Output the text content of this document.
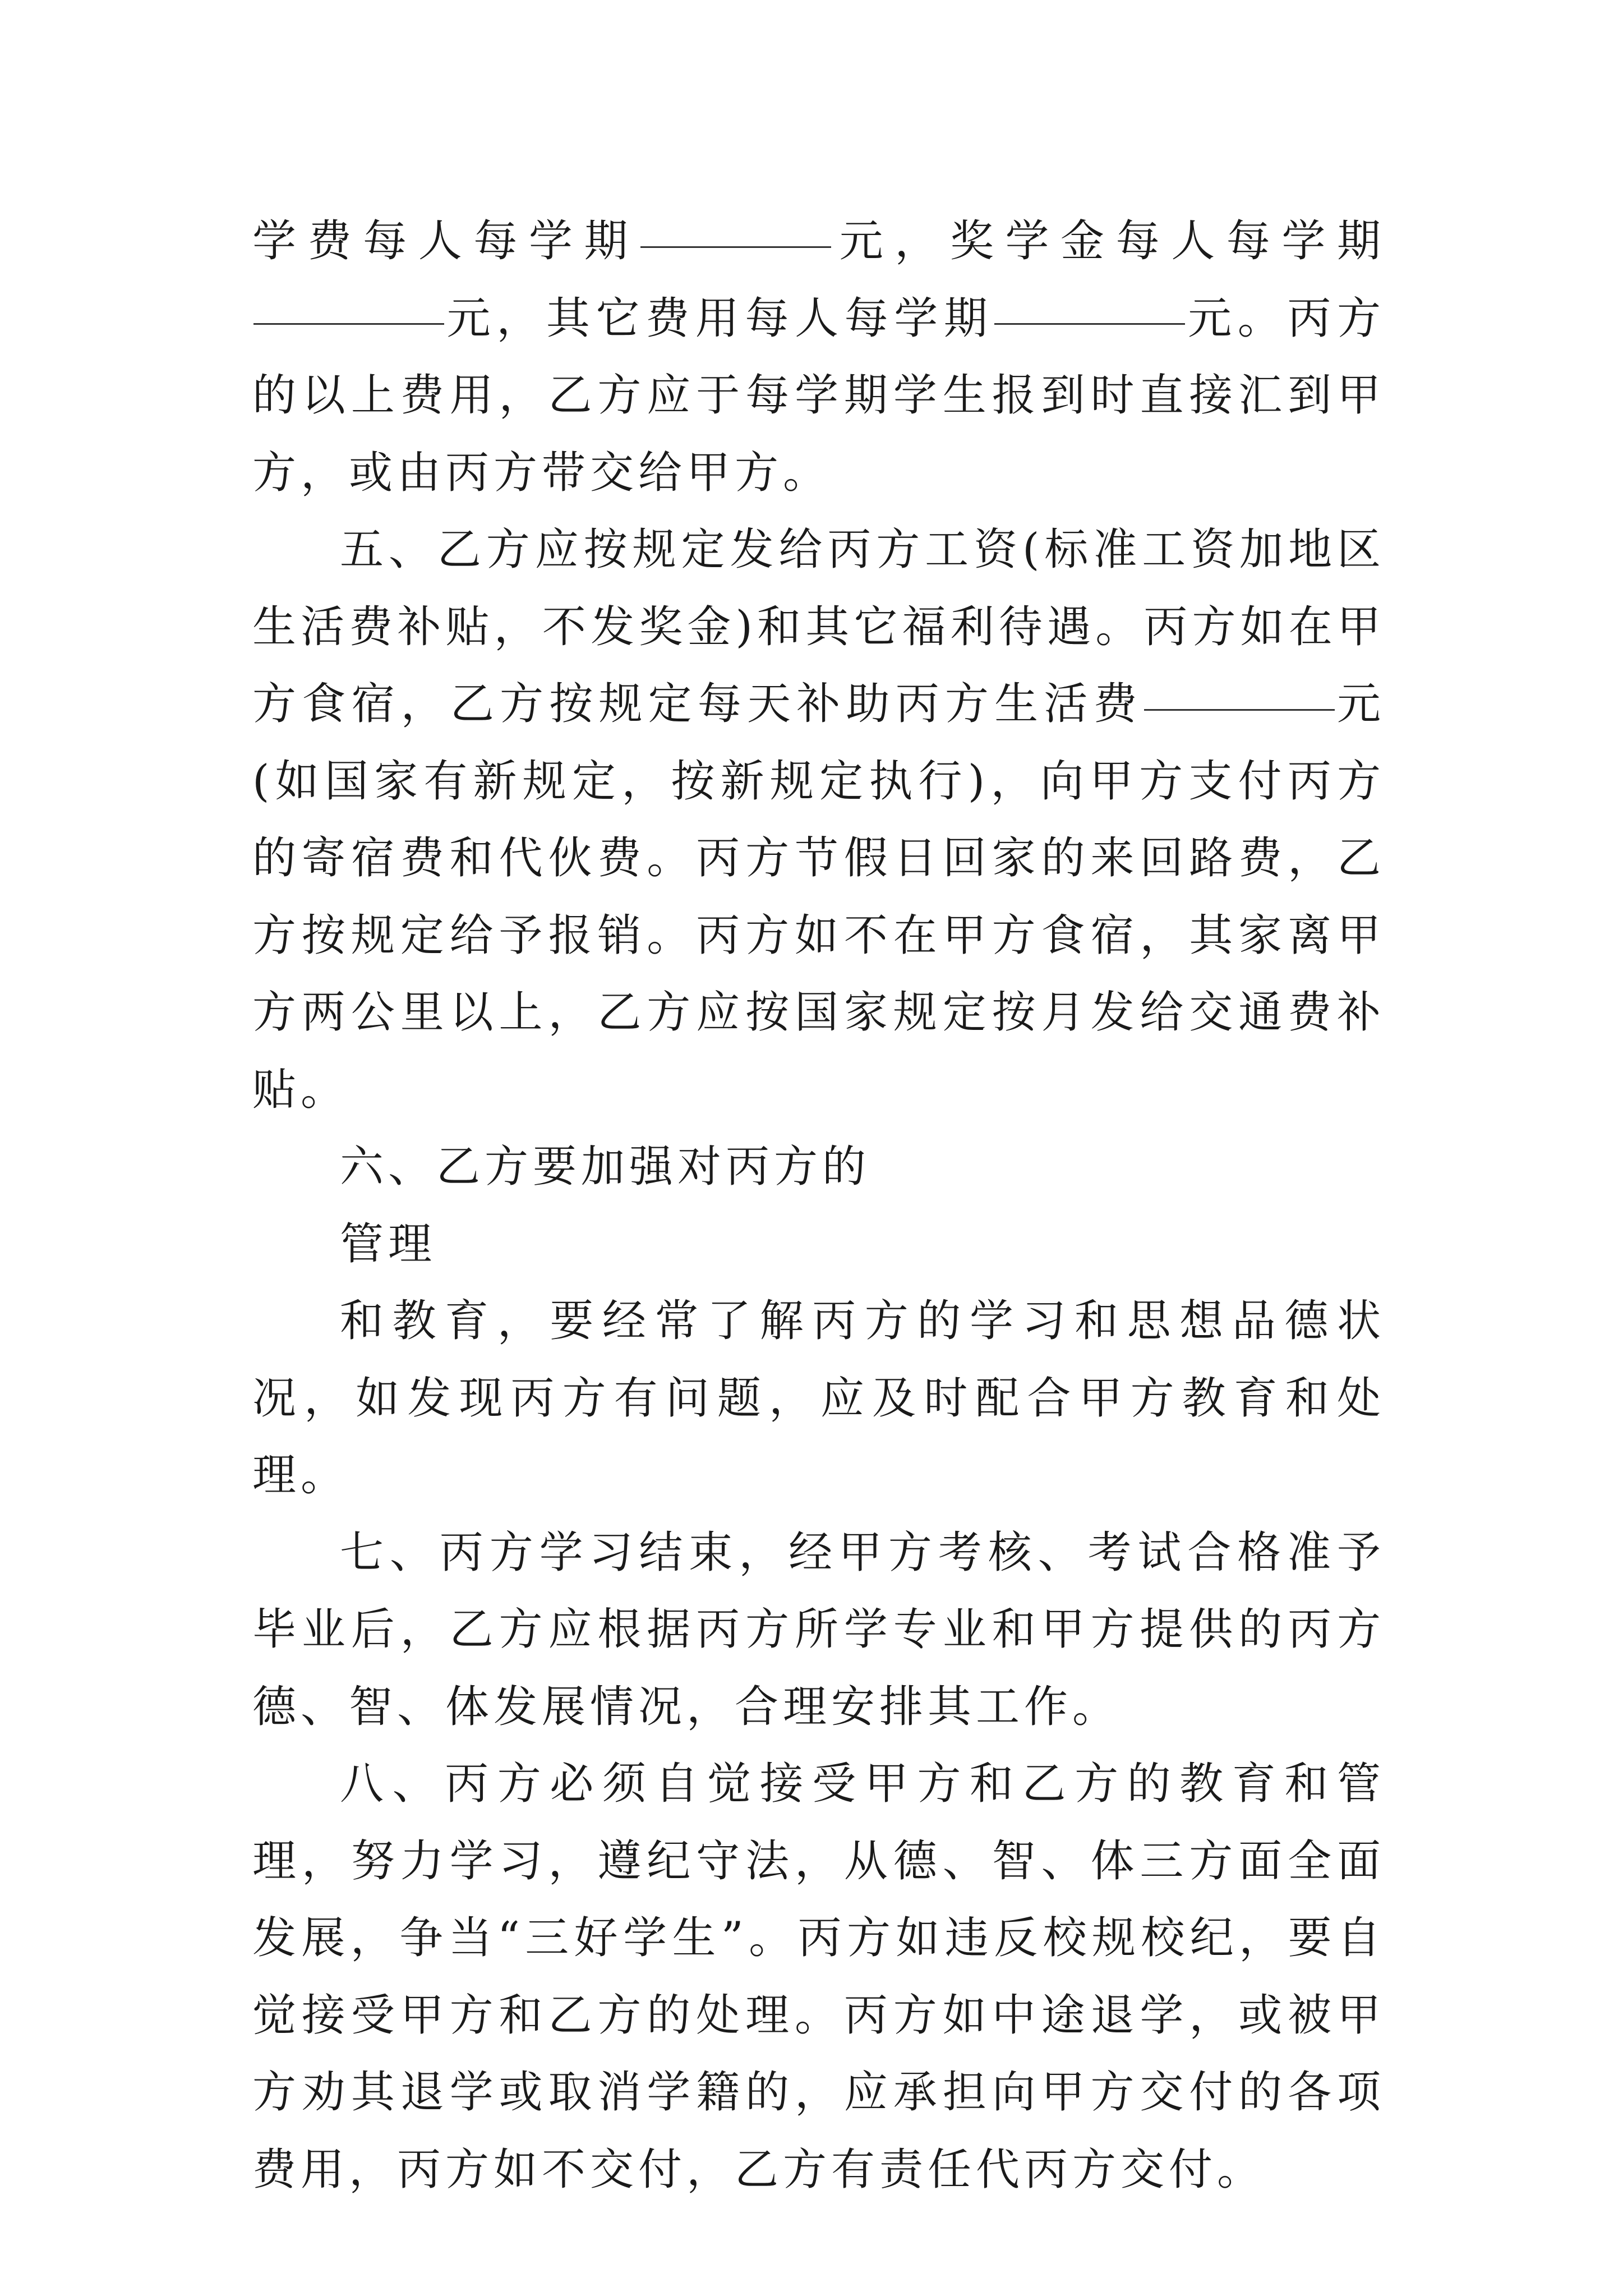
学费每人每学期	元，奖学金每人每学期元，其它费用每人每学期	元。丙方的以上费用，乙方应于每学期学生报到时直接汇到甲方，或由丙方带交给甲方。

五、乙方应按规定发给丙方工资(标准工资加地区生活费补贴，不发奖金)和其它福利待遇。丙方如在甲方食宿，乙方按规定每天补助丙方生活费	元(如国家有新规定，按新规定执行)，向甲方支付丙方的寄宿费和代伙费。丙方节假日回家的来回路费，乙方按规定给予报销。丙方如不在甲方食宿，其家离甲方两公里以上，乙方应按国家规定按月发给交通费补贴。

六、乙方要加强对丙方的

管理

和教育，要经常了解丙方的学习和思想品德状况，如发现丙方有问题，应及时配合甲方教育和处理。

七、丙方学习结束，经甲方考核、考试合格准予毕业后，乙方应根据丙方所学专业和甲方提供的丙方德、智、体发展情况，合理安排其工作。

八、丙方必须自觉接受甲方和乙方的教育和管理，努力学习，遵纪守法，从德、智、体三方面全面发展，争当“三好学生”。丙方如违反校规校纪，要自觉接受甲方和乙方的处理。丙方如中途退学，或被甲方劝其退学或取消学籍的，应承担向甲方交付的各项费用，丙方如不交付，乙方有责任代丙方交付。
